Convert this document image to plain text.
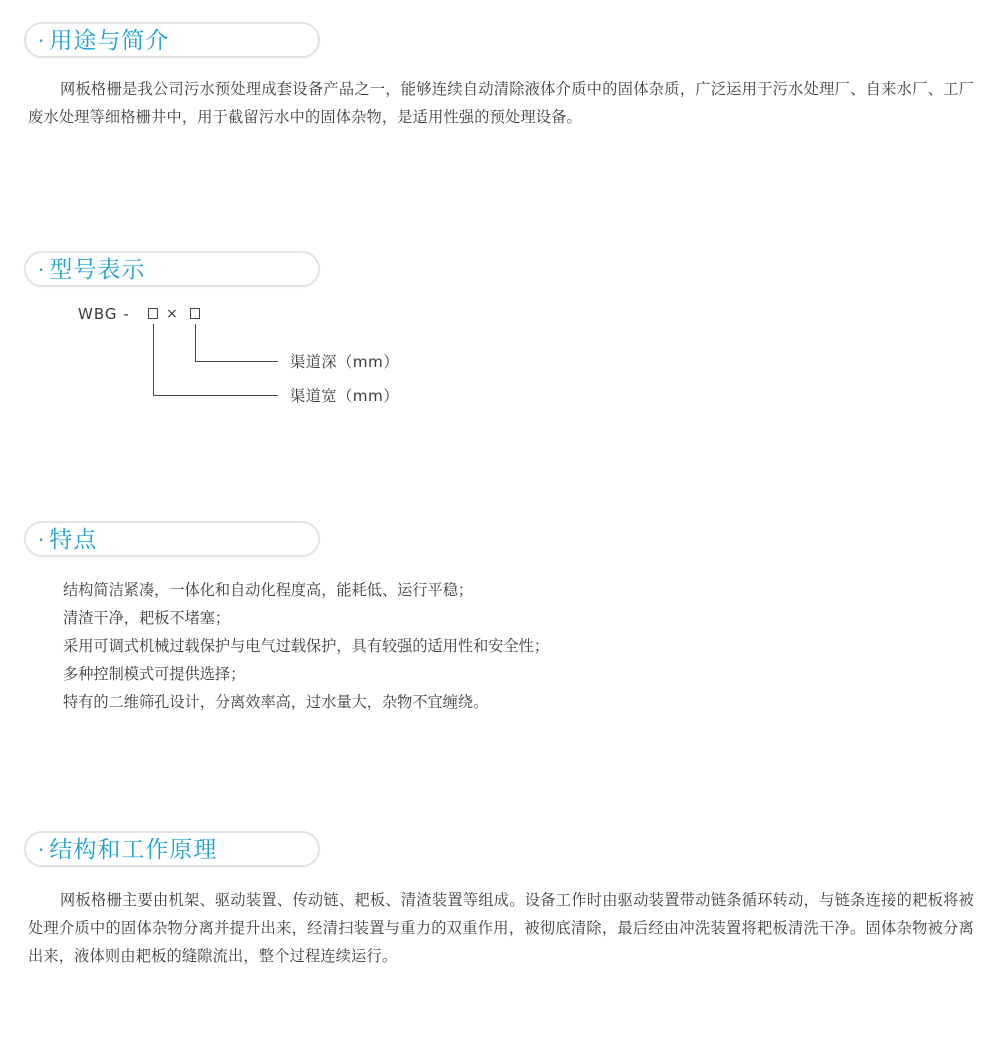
· 用途与简介
网板格栅是我公司污水预处理成套设备产品之一，能够连续自动清除液体介质中的固体杂质，广泛运用于污水处理厂、自来水厂、工厂废水处理等细格栅井中，用于截留污水中的固体杂物，是适用性强的预处理设备。
· 型号表示
WBG -	×
渠道深（mm）
渠道宽（mm）
· 特点
结构简洁紧凑，一体化和自动化程度高，能耗低、运行平稳；
清渣干净，耙板不堵塞；
采用可调式机械过载保护与电气过载保护，具有较强的适用性和安全性；
多种控制模式可提供选择；
特有的二维筛孔设计，分离效率高，过水量大，杂物不宜缠绕。
· 结构和工作原理
网板格栅主要由机架、驱动装置、传动链、耙板、清渣装置等组成。设备工作时由驱动装置带动链条循环转动，与链条连接的耙板将被处理介质中的固体杂物分离并提升出来，经清扫装置与重力的双重作用，被彻底清除，最后经由冲洗装置将耙板清洗干净。固体杂物被分离出来，液体则由耙板的缝隙流出，整个过程连续运行。
